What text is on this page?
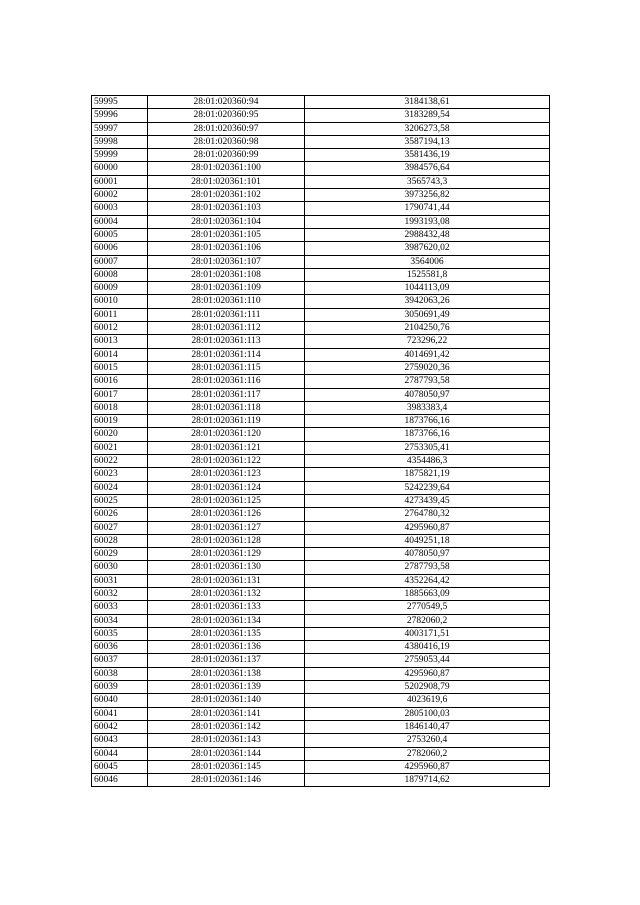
59995	28:01:020360:94	3184138,61
59996	28:01:020360:95	3183289,54
59997	28:01:020360:97	3206273,58
59998	28:01:020360:98	3587194,13
59999	28:01:020360:99	3581436,19
60000	28:01:020361:100	3984576,64
60001	28:01:020361:101	3565743,3
60002	28:01:020361:102	3973256,82
60003	28:01:020361:103	1790741,44
60004	28:01:020361:104	1993193,08
60005	28:01:020361:105	2988432,48
60006	28:01:020361:106	3987620,02
60007	28:01:020361:107	3564006
60008	28:01:020361:108	1525581,8
60009	28:01:020361:109	1044113,09
60010	28:01:020361:110	3942063,26
60011	28:01:020361:111	3050691,49
60012	28:01:020361:112	2104250,76
60013	28:01:020361:113	723296,22
60014	28:01:020361:114	4014691,42
60015	28:01:020361:115	2759020,36
60016	28:01:020361:116	2787793,58
60017	28:01:020361:117	4078050,97
60018	28:01:020361:118	3983383,4
60019	28:01:020361:119	1873766,16
60020	28:01:020361:120	1873766,16
60021	28:01:020361:121	2753305,41
60022	28:01:020361:122	4354486,3
60023	28:01:020361:123	1875821,19
60024	28:01:020361:124	5242239,64
60025	28:01:020361:125	4273439,45
60026	28:01:020361:126	2764780,32
60027	28:01:020361:127	4295960,87
60028	28:01:020361:128	4049251,18
60029	28:01:020361:129	4078050,97
60030	28:01:020361:130	2787793,58
60031	28:01:020361:131	4352264,42
60032	28:01:020361:132	1885663,09
60033	28:01:020361:133	2770549,5
60034	28:01:020361:134	2782060,2
60035	28:01:020361:135	4003171,51
60036	28:01:020361:136	4380416,19
60037	28:01:020361:137	2759053,44
60038	28:01:020361:138	4295960,87
60039	28:01:020361:139	5202908,79
60040	28:01:020361:140	4023619,6
60041	28:01:020361:141	2805100,03
60042	28:01:020361:142	1846140,47
60043	28:01:020361:143	2753260,4
60044	28:01:020361:144	2782060,2
60045	28:01:020361:145	4295960,87
60046	28:01:020361:146	1879714,62
